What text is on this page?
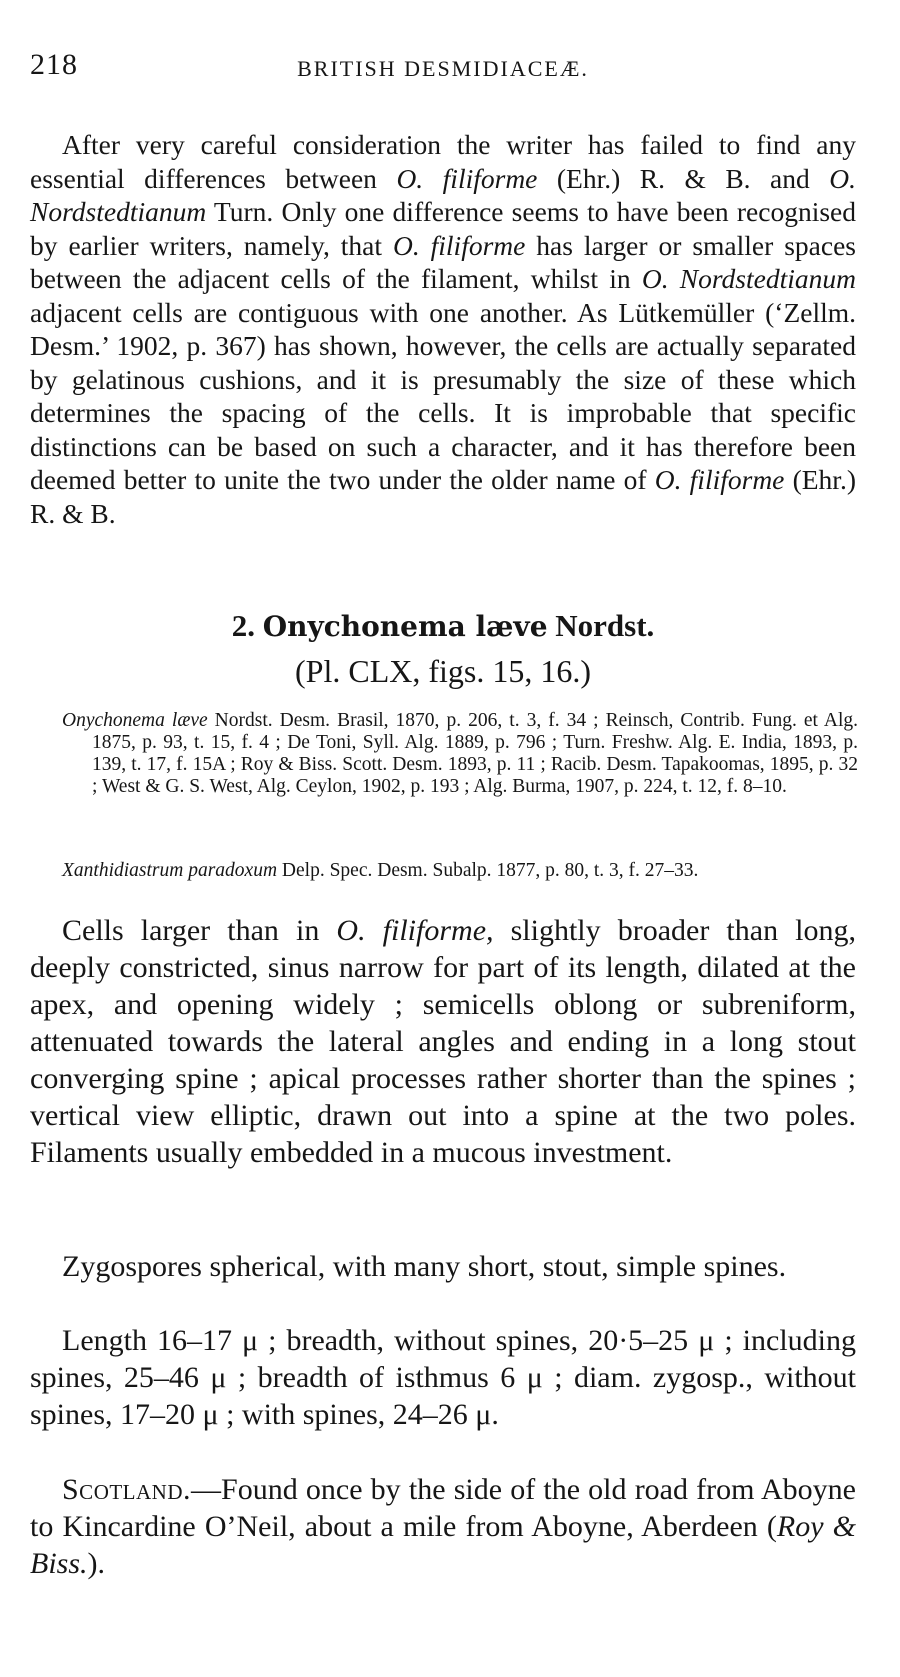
218	BRITISH DESMIDIACEÆ.

After very careful consideration the writer has failed to find any essential differences between O. filiforme (Ehr.) R. & B. and O. Nordstedtianum Turn. Only one difference seems to have been recognised by earlier writers, namely, that O. filiforme has larger or smaller spaces between the adjacent cells of the filament, whilst in O. Nordstedtianum adjacent cells are contiguous with one another. As Lütkemüller (‘Zellm. Desm.’ 1902, p. 367) has shown, however, the cells are actually separated by gelatinous cushions, and it is presumably the size of these which determines the spacing of the cells. It is improbable that specific distinctions can be based on such a character, and it has therefore been deemed better to unite the two under the older name of O. filiforme (Ehr.) R. & B.

2. Onychonema læve Nordst.

(Pl. CLX, figs. 15, 16.)

Onychonema læve Nordst. Desm. Brasil, 1870, p. 206, t. 3, f. 34 ; Reinsch, Contrib. Fung. et Alg. 1875, p. 93, t. 15, f. 4 ; De Toni, Syll. Alg. 1889, p. 796 ; Turn. Freshw. Alg. E. India, 1893, p. 139, t. 17, f. 15A ; Roy & Biss. Scott. Desm. 1893, p. 11 ; Racib. Desm. Tapakoomas, 1895, p. 32 ; West & G. S. West, Alg. Ceylon, 1902, p. 193 ; Alg. Burma, 1907, p. 224, t. 12, f. 8–10.

Xanthidiastrum paradoxum Delp. Spec. Desm. Subalp. 1877, p. 80, t. 3, f. 27–33.

Cells larger than in O. filiforme, slightly broader than long, deeply constricted, sinus narrow for part of its length, dilated at the apex, and opening widely ; semicells oblong or subreniform, attenuated towards the lateral angles and ending in a long stout converging spine ; apical processes rather shorter than the spines ; vertical view elliptic, drawn out into a spine at the two poles. Filaments usually embedded in a mucous investment.

Zygospores spherical, with many short, stout, simple spines.

Length 16–17 μ ; breadth, without spines, 20·5–25 μ ; including spines, 25–46 μ ; breadth of isthmus 6 μ ; diam. zygosp., without spines, 17–20 μ ; with spines, 24–26 μ.

Scotland.—Found once by the side of the old road from Aboyne to Kincardine O’Neil, about a mile from Aboyne, Aberdeen (Roy & Biss.).
